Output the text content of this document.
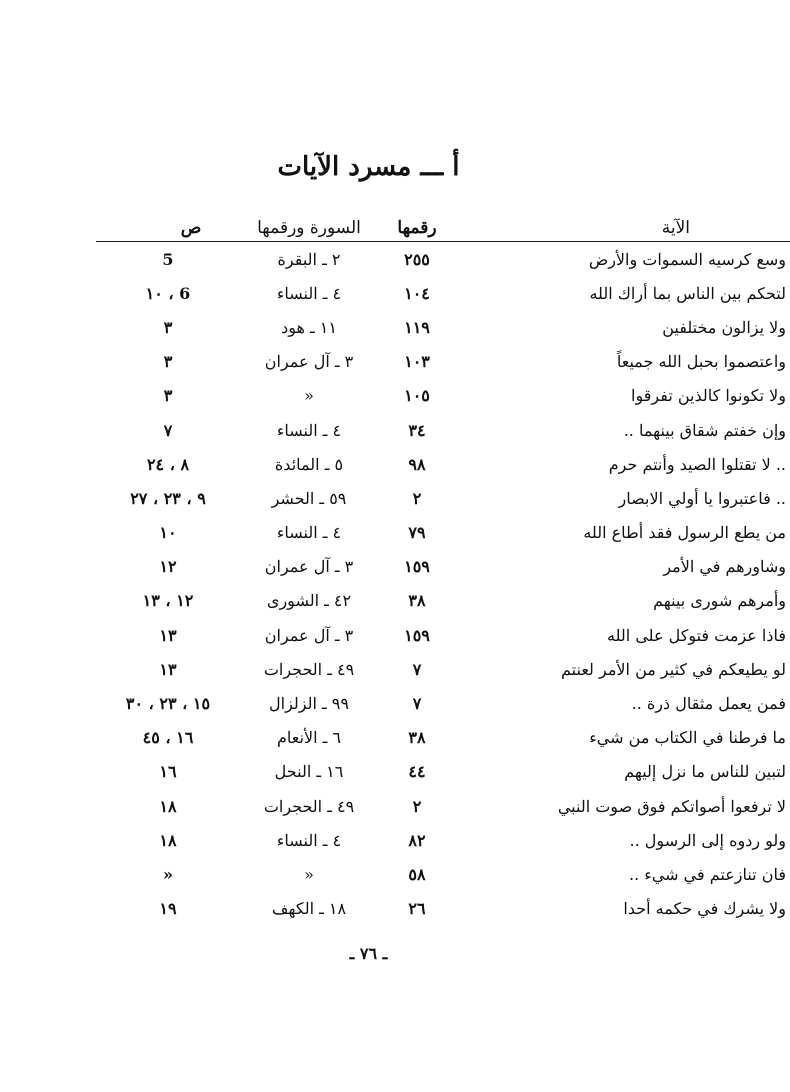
أ ـــ مسرد الآيات
الآية	رقمها	السورة ورقمها	ص
وسع كرسيه السموات والأرض	٢٥٥	٢ ـ البقرة	5
لتحكم بين الناس بما أراك الله	١٠٤	٤ ـ النساء	6 ، ١٠
ولا يزالون مختلفين	١١٩	١١ ـ هود	٣
واعتصموا بحبل الله جميعاً	١٠٣	٣ ـ آل عمران	٣
ولا تكونوا كالذين تفرقوا	١٠٥	«	٣
وإن خفتم شقاق بينهما ..	٣٤	٤ ـ النساء	٧
.. لا تقتلوا الصيد وأنتم حرم	٩٨	٥ ـ المائدة	٨ ، ٢٤
.. فاعتبروا يا أولي الابصار	٢	٥٩ ـ الحشر	٩ ، ٢٣ ، ٢٧
من يطع الرسول فقد أطاع الله	٧٩	٤ ـ النساء	١٠
وشاورهم في الأمر	١٥٩	٣ ـ آل عمران	١٢
وأمرهم شورى بينهم	٣٨	٤٢ ـ الشورى	١٢ ، ١٣
فاذا عزمت فتوكل على الله	١٥٩	٣ ـ آل عمران	١٣
لو يطيعكم في كثير من الأمر لعنتم	٧	٤٩ ـ الحجرات	١٣
فمن يعمل مثقال ذرة ..	٧	٩٩ ـ الزلزال	١٥ ، ٢٣ ، ٣٠
ما فرطنا في الكتاب من شيء	٣٨	٦ ـ الأنعام	١٦ ، ٤٥
لتبين للناس ما نزل إليهم	٤٤	١٦ ـ النحل	١٦
لا ترفعوا أصواتكم فوق صوت النبي	٢	٤٩ ـ الحجرات	١٨
ولو ردوه إلى الرسول ..	٨٢	٤ ـ النساء	١٨
فان تنازعتم في شيء ..	٥٨	«	«
ولا يشرك في حكمه أحدا	٢٦	١٨ ـ الكهف	١٩
ـ ٧٦ ـ
